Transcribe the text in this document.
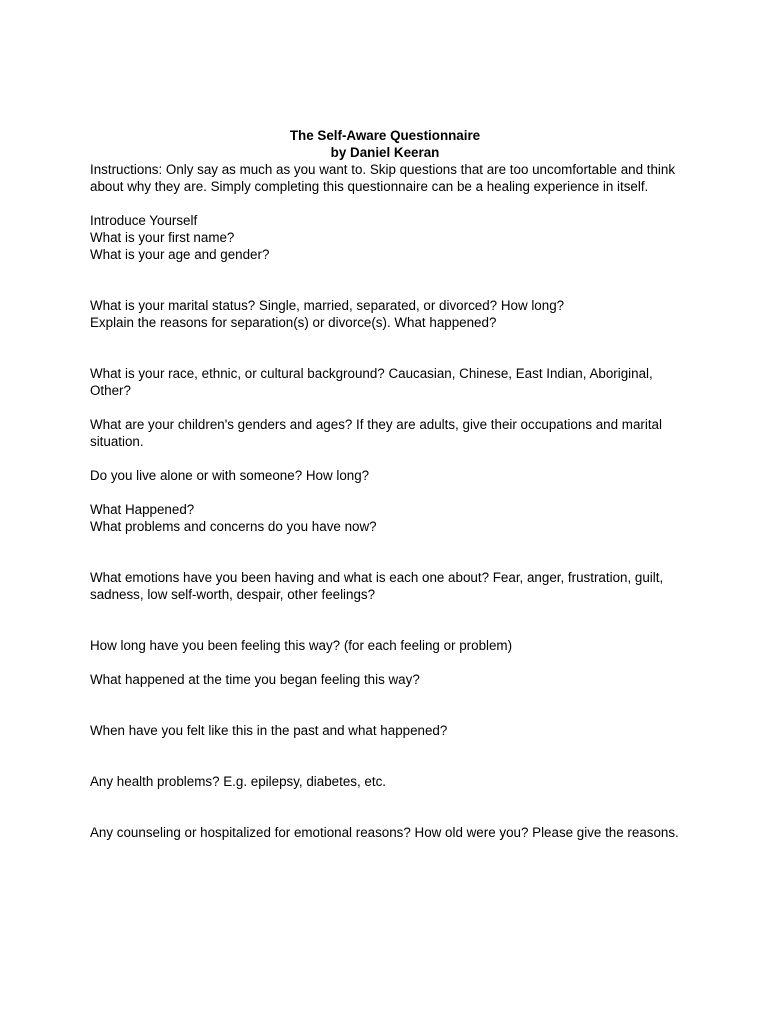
The Self-Aware Questionnaire

by Daniel Keeran

Instructions: Only say as much as you want to. Skip questions that are too uncomfortable and think about why they are. Simply completing this questionnaire can be a healing experience in itself.

Introduce Yourself

What is your first name?

What is your age and gender?

What is your marital status? Single, married, separated, or divorced? How long?

Explain the reasons for separation(s) or divorce(s). What happened?

What is your race, ethnic, or cultural background? Caucasian, Chinese, East Indian, Aboriginal, Other?

What are your children's genders and ages? If they are adults, give their occupations and marital situation.

Do you live alone or with someone? How long?

What Happened?

What problems and concerns do you have now?

What emotions have you been having and what is each one about? Fear, anger, frustration, guilt, sadness, low self-worth, despair, other feelings?

How long have you been feeling this way? (for each feeling or problem)

What happened at the time you began feeling this way?

When have you felt like this in the past and what happened?

Any health problems? E.g. epilepsy, diabetes, etc.

Any counseling or hospitalized for emotional reasons? How old were you? Please give the reasons.
